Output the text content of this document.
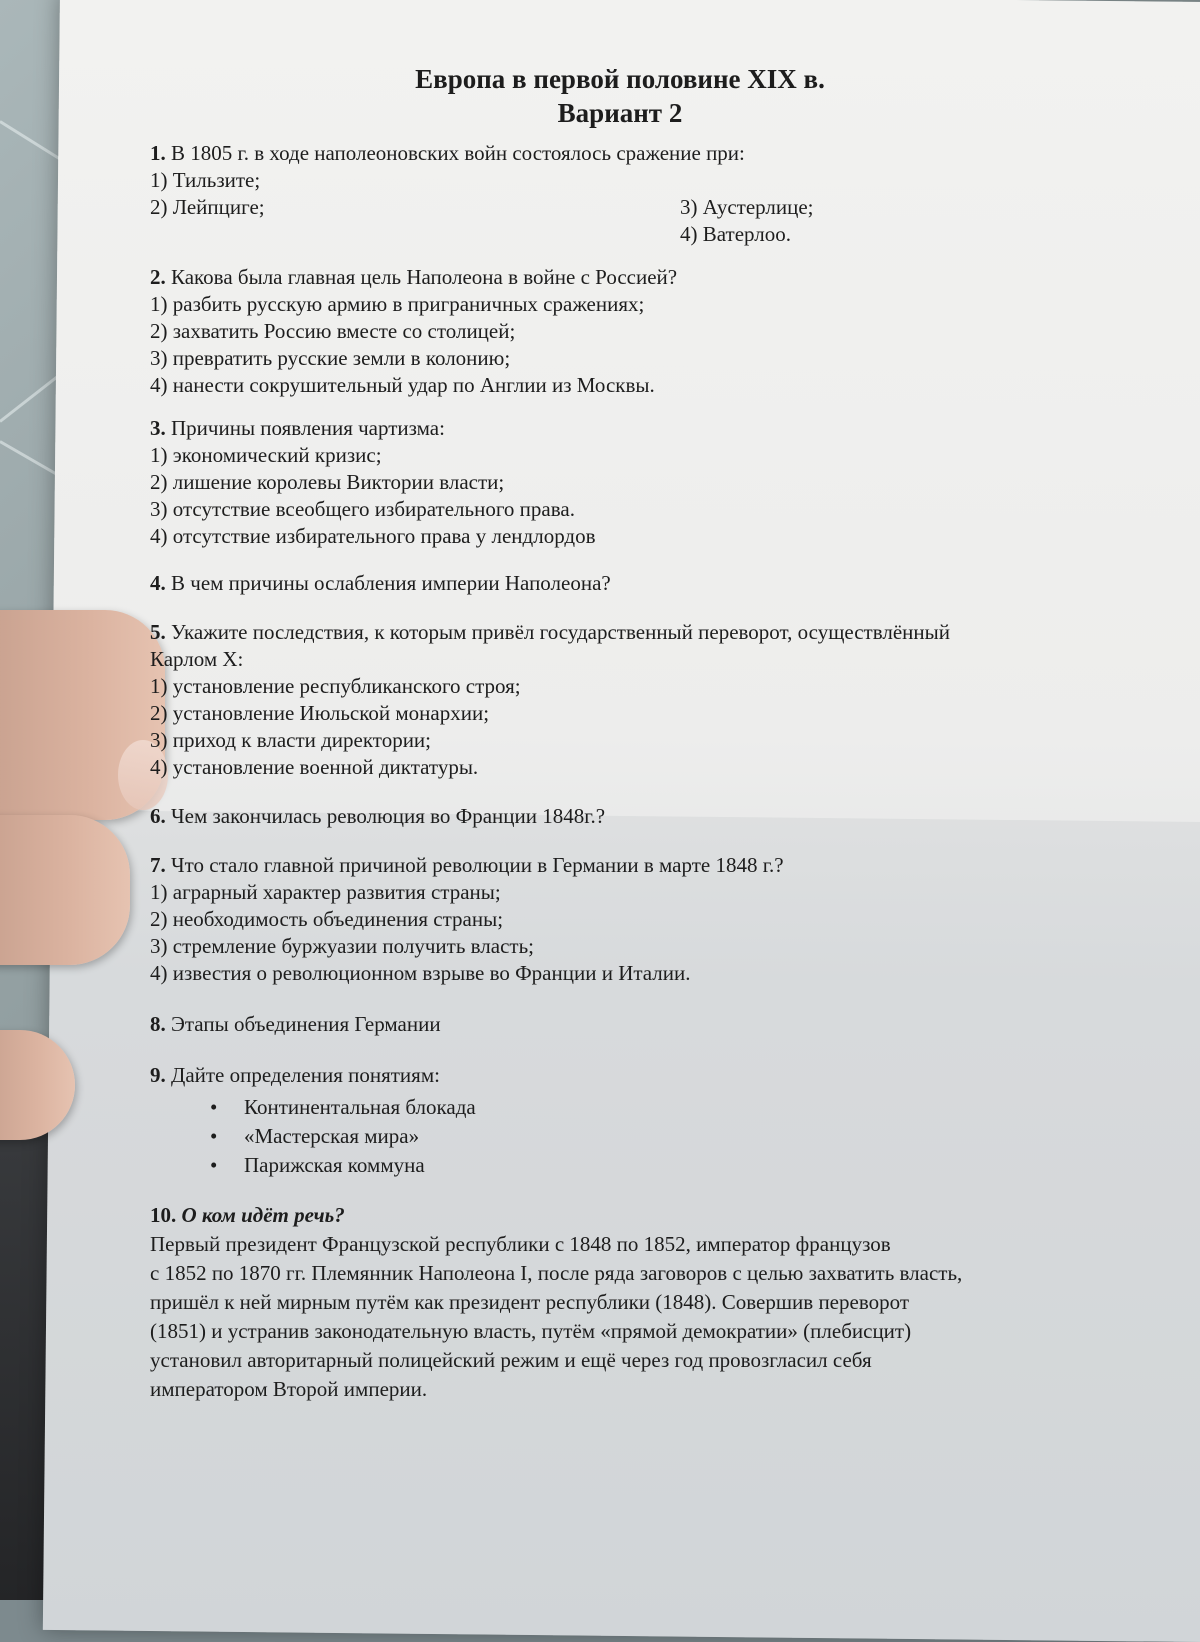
Европа в первой половине XIX в.

Вариант 2

1. В 1805 г. в ходе наполеоновских войн состоялось сражение при:

1) Тильзите;

2) Лейпциге;	3) Аустерлице;

4) Ватерлоо.

2. Какова была главная цель Наполеона в войне с Россией?

1) разбить русскую армию в приграничных сражениях;

2) захватить Россию вместе со столицей;

3) превратить русские земли в колонию;

4) нанести сокрушительный удар по Англии из Москвы.

3. Причины появления чартизма:

1) экономический кризис;

2) лишение королевы Виктории власти;

3) отсутствие всеобщего избирательного права.

4) отсутствие избирательного права у лендлордов

4. В чем причины ослабления империи Наполеона?
5. Укажите последствия, к которым привёл государственный переворот, осуществлённый

Карлом X:

1) установление республиканского строя;

2) установление Июльской монархии;

3) приход к власти директории;

4) установление военной диктатуры.

6. Чем закончилась революция во Франции 1848г.?
7. Что стало главной причиной революции в Германии в марте 1848 г.?

1) аграрный характер развития страны;

2) необходимость объединения страны;

3) стремление буржуазии получить власть;

4) известия о революционном взрыве во Франции и Италии.

8. Этапы объединения Германии
9. Дайте определения понятиям:
• Континентальная блокада
• «Мастерская мира»
• Парижская коммуна
10. О ком идёт речь?

Первый президент Французской республики с 1848 по 1852, император французов

с 1852 по 1870 гг. Племянник Наполеона I, после ряда заговоров с целью захватить власть,

пришёл к ней мирным путём как президент республики (1848). Совершив переворот

(1851) и устранив законодательную власть, путём «прямой демократии» (плебисцит)

установил авторитарный полицейский режим и ещё через год провозгласил себя

императором Второй империи.
